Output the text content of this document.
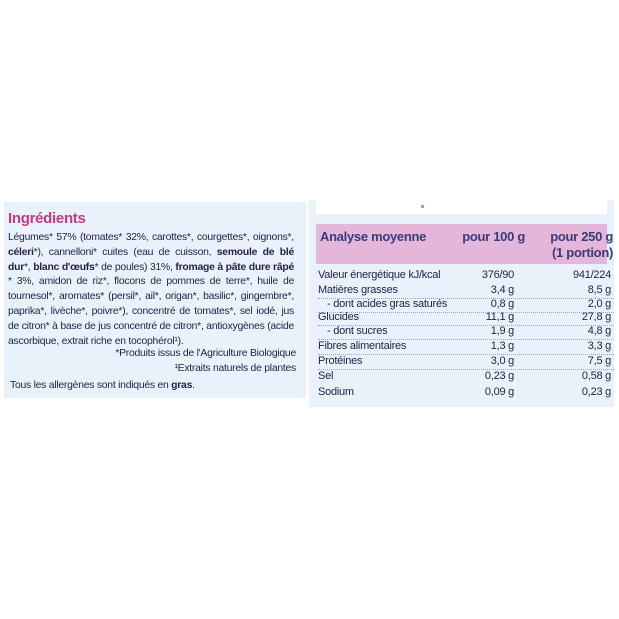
Ingrédients
Légumes* 57% (tomates* 32%, carottes*, courgettes*, oignons*, céleri*), cannelloni* cuites (eau de cuisson, semoule de blé dur*, blanc d'œufs* de poules) 31%, fromage à pâte dure râpé * 3%, amidon de riz*, flocons de pommes de terre*, huile de tournesol*, aromates* (persil*, ail*, origan*, basilic*, gingembre*, paprika*, livèche*, poivre*), concentré de tomates*, sel iodé, jus de citron* à base de jus concentré de citron*, antioxygènes (acide ascorbique, extrait riche en tocophérol¹).
*Produits issus de l'Agriculture Biologique
¹Extraits naturels de plantes
Tous les allergènes sont indiqués en gras.
Analyse moyenne	pour 100 g	pour 250 g
(1 portion)
Valeur énergétique kJ/kcal	376/90	941/224
Matières grasses	3,4 g	8,5 g
- dont acides gras saturés	0,8 g	2,0 g
Glucides	11,1 g	27,8 g
- dont sucres	1,9 g	4,8 g
Fibres alimentaires	1,3 g	3,3 g
Protéines	3,0 g	7,5 g
Sel	0,23 g	0,58 g
Sodium	0,09 g	0,23 g
